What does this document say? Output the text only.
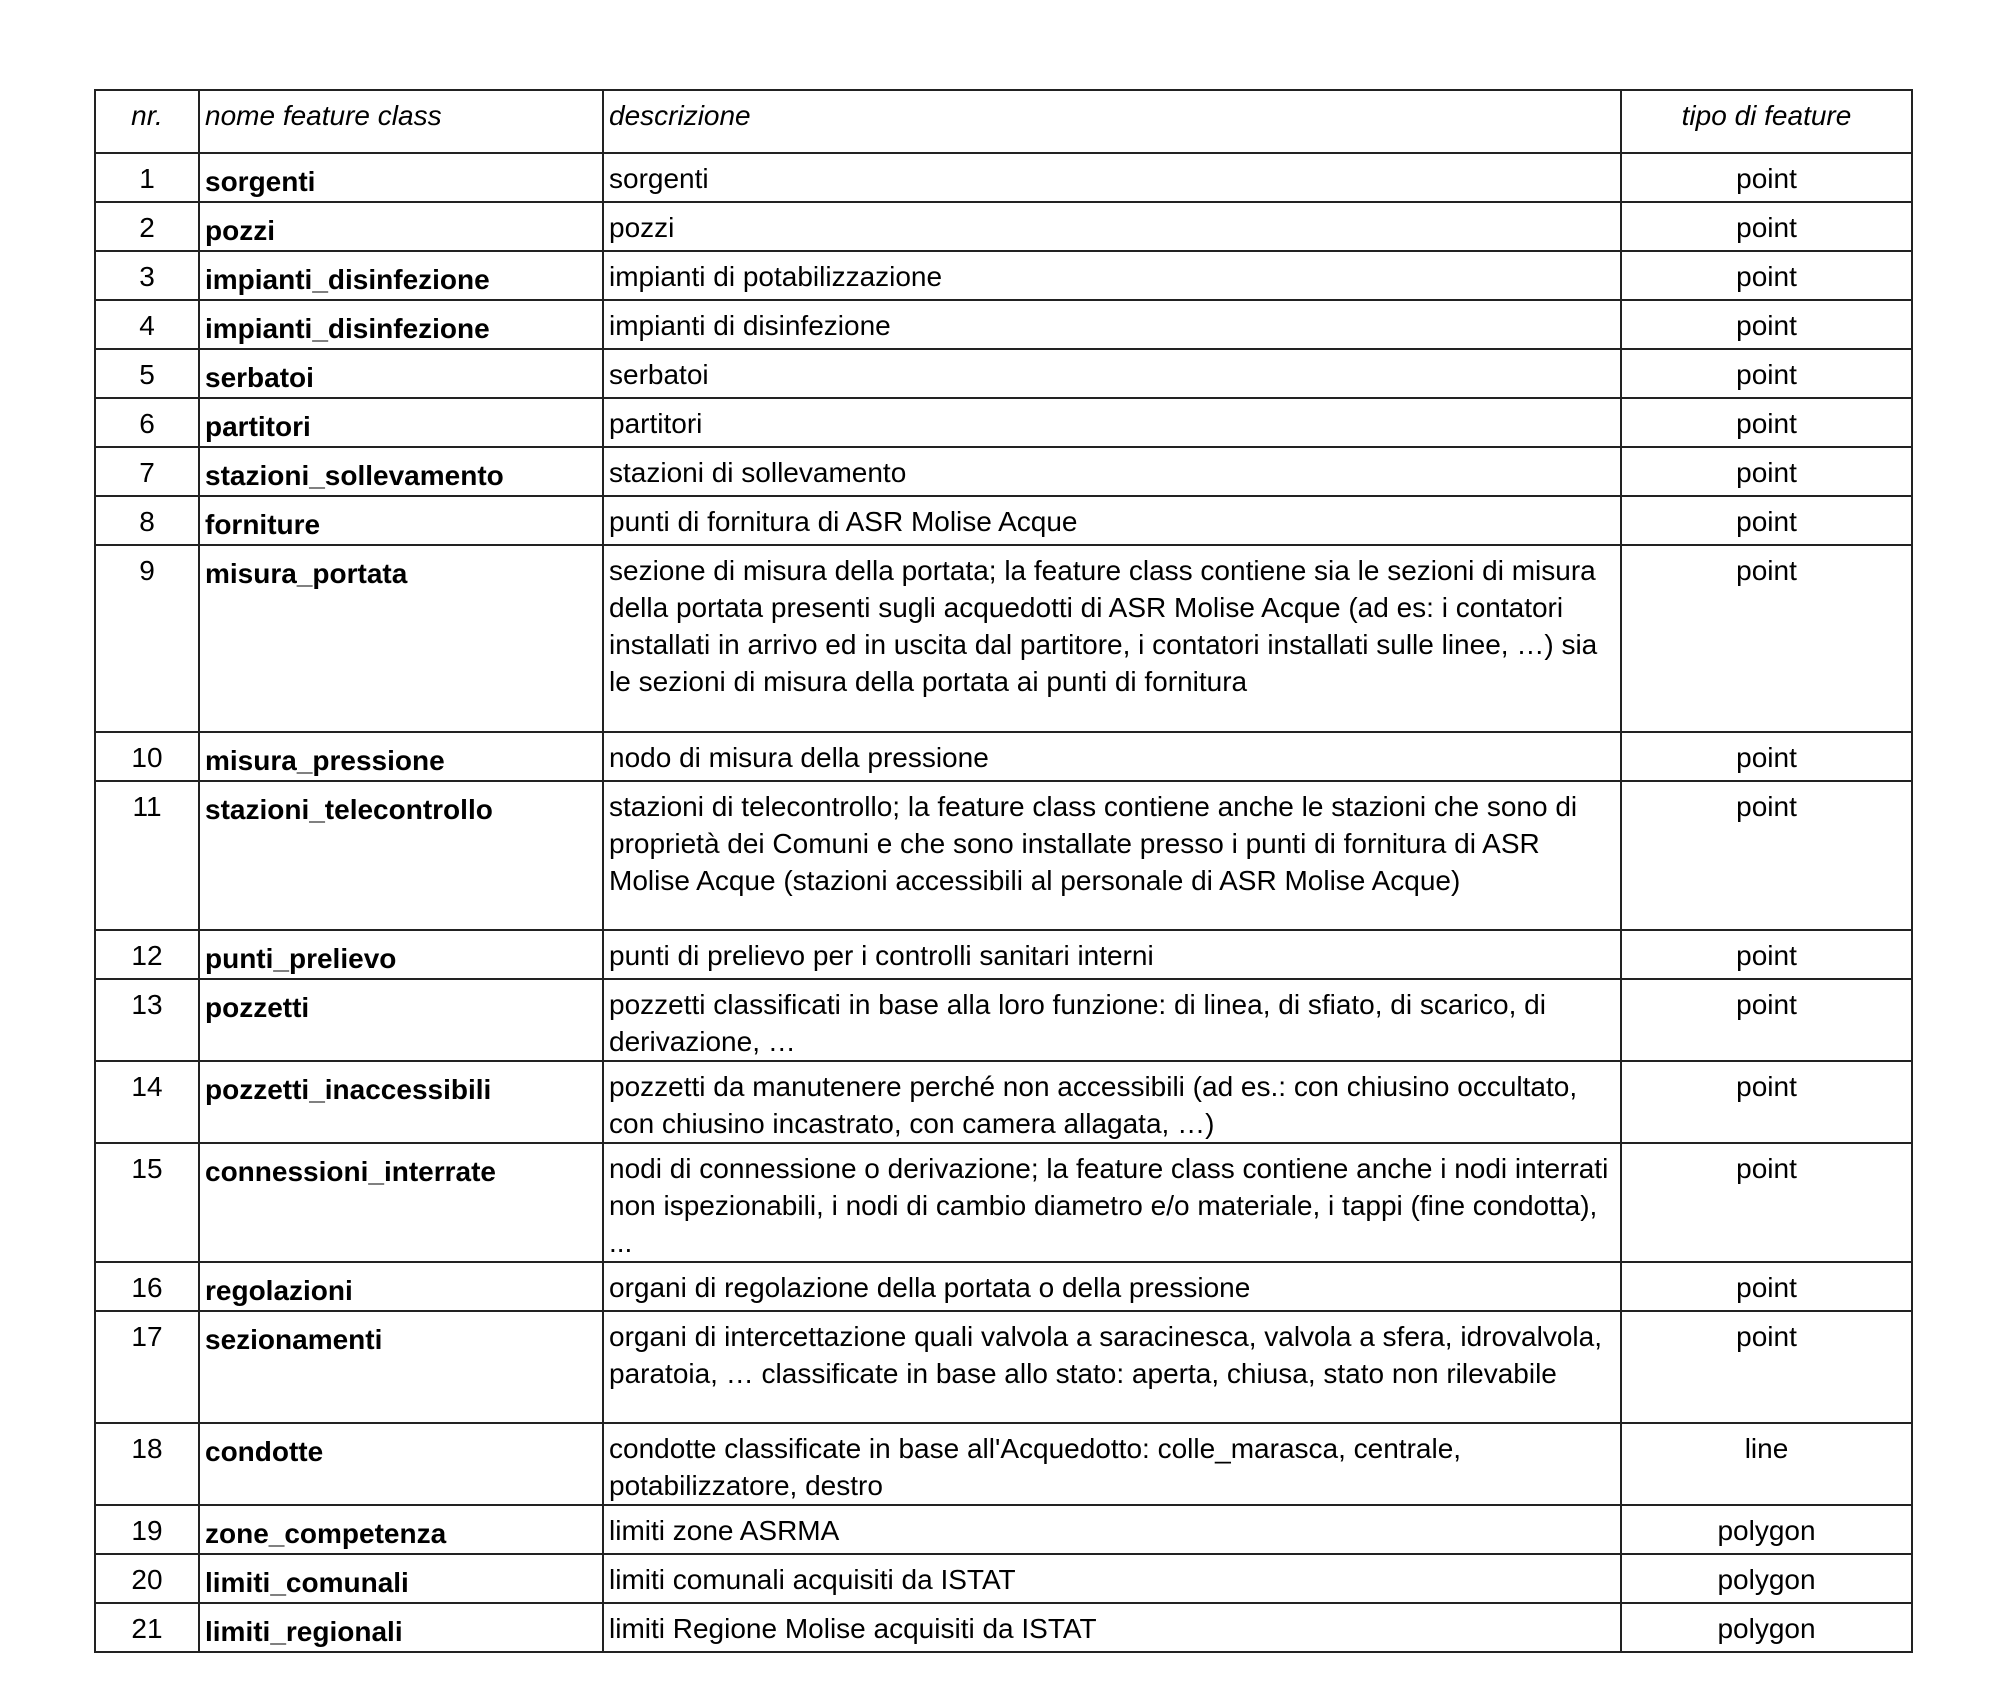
nr.	nome feature class	descrizione	tipo di feature
1	sorgenti	sorgenti	point
2	pozzi	pozzi	point
3	impianti_disinfezione	impianti di potabilizzazione	point
4	impianti_disinfezione	impianti di disinfezione	point
5	serbatoi	serbatoi	point
6	partitori	partitori	point
7	stazioni_sollevamento	stazioni di sollevamento	point
8	forniture	punti di fornitura di ASR Molise Acque	point
9	misura_portata	sezione di misura della portata; la feature class contiene sia le sezioni di misura della portata presenti sugli acquedotti di ASR Molise Acque (ad es: i contatori installati in arrivo ed in uscita dal partitore, i contatori installati sulle linee, …) sia le sezioni di misura della portata ai punti di fornitura	point
10	misura_pressione	nodo di misura della pressione	point
11	stazioni_telecontrollo	stazioni di telecontrollo; la feature class contiene anche le stazioni che sono di proprietà dei Comuni e che sono installate presso i punti di fornitura di ASR Molise Acque (stazioni accessibili al personale di ASR Molise Acque)	point
12	punti_prelievo	punti di prelievo per i controlli sanitari interni	point
13	pozzetti	pozzetti classificati in base alla loro funzione: di linea, di sfiato, di scarico, di derivazione, …	point
14	pozzetti_inaccessibili	pozzetti da manutenere perché non accessibili (ad es.: con chiusino occultato, con chiusino incastrato, con camera allagata, …)	point
15	connessioni_interrate	nodi di connessione o derivazione; la feature class contiene anche i nodi interrati non ispezionabili, i nodi di cambio diametro e/o materiale, i tappi (fine condotta), ...	point
16	regolazioni	organi di regolazione della portata o della pressione	point
17	sezionamenti	organi di intercettazione quali valvola a saracinesca, valvola a sfera, idrovalvola, paratoia, … classificate in base allo stato: aperta, chiusa, stato non rilevabile	point
18	condotte	condotte classificate in base all'Acquedotto: colle_marasca, centrale, potabilizzatore, destro	line
19	zone_competenza	limiti zone ASRMA	polygon
20	limiti_comunali	limiti comunali acquisiti da ISTAT	polygon
21	limiti_regionali	limiti Regione Molise acquisiti da ISTAT	polygon
